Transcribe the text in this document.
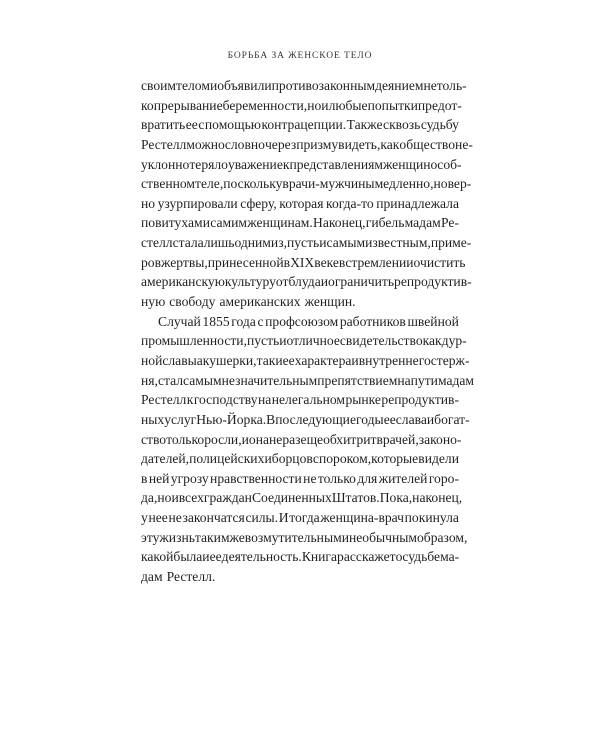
БОРЬБА ЗА ЖЕНСКОЕ ТЕЛО
своим телом и объявили противозаконным деянием не толь-
ко прерывание беременности, но и любые попытки предот-
вратить ее с помощью контрацепции. Также сквозь судьбу
Рестелл можно словно через призму видеть, как общество не-
уклонно теряло уважение к представлениям женщин о соб-
ственном теле, поскольку врачи-мужчины медленно, но вер-
но узурпировали сферу, которая когда-то принадлежала
повитухам и самим женщинам. Наконец, гибель мадам Ре-
стелл стала лишь одним из, пусть и самым известным, приме-
ров жертвы, принесенной в XIX веке в стремлении очистить
американскую культуру от блуда и ограничить репродуктив-
ную свободу американских женщин.
Случай 1855 года с профсоюзом работников швейной
промышленности, пусть и отличное свидетельство как дур-
ной славы акушерки, так и ее характера и внутреннего стерж-
ня, стал самым незначительным препятствием на пути мадам
Рестелл к господству на нелегальном рынке репродуктив-
ных услуг Нью-Йорка. В последующие годы ее слава и богат-
ство только росли, и она не раз еще обхитрит врачей, законо-
дателей, полицейских и борцов с пороком, которые видели
в ней угрозу нравственности не только для жителей горо-
да, но и всех граждан Соединенных Штатов. Пока, наконец,
у нее не закончатся силы. И тогда женщина-врач покинула
эту жизнь таким же возмутительным и необычным образом,
какой была и ее деятельность. Книга расскажет о судьбе ма-
дам Рестелл.
